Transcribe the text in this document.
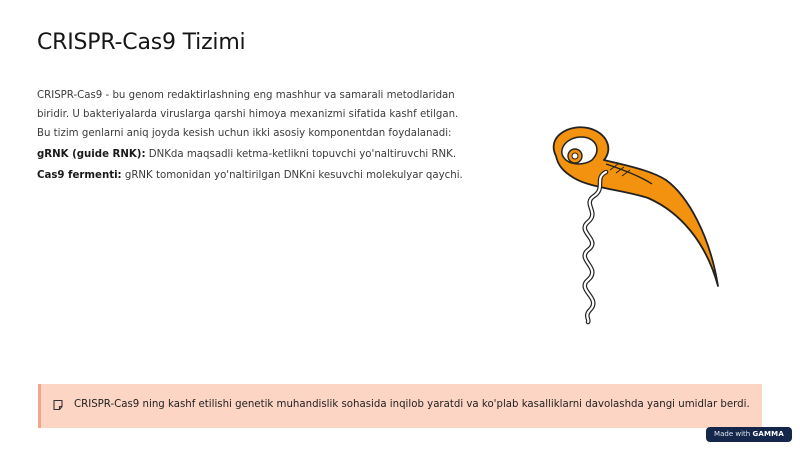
CRISPR-Cas9 Tizimi

CRISPR-Cas9 - bu genom redaktirlashning eng mashhur va samarali metodlaridan biridir. U bakteriyalarda viruslarga qarshi himoya mexanizmi sifatida kashf etilgan. Bu tizim genlarni aniq joyda kesish uchun ikki asosiy komponentdan foydalanadi:

gRNK (guide RNK): DNKda maqsadli ketma-ketlikni topuvchi yo'naltiruvchi RNK.

Cas9 fermenti: gRNK tomonidan yo'naltirilgan DNKni kesuvchi molekulyar qaychi.

CRISPR-Cas9 ning kashf etilishi genetik muhandislik sohasida inqilob yaratdi va ko'plab kasalliklarni davolashda yangi umidlar berdi.
Made with GAMMA
